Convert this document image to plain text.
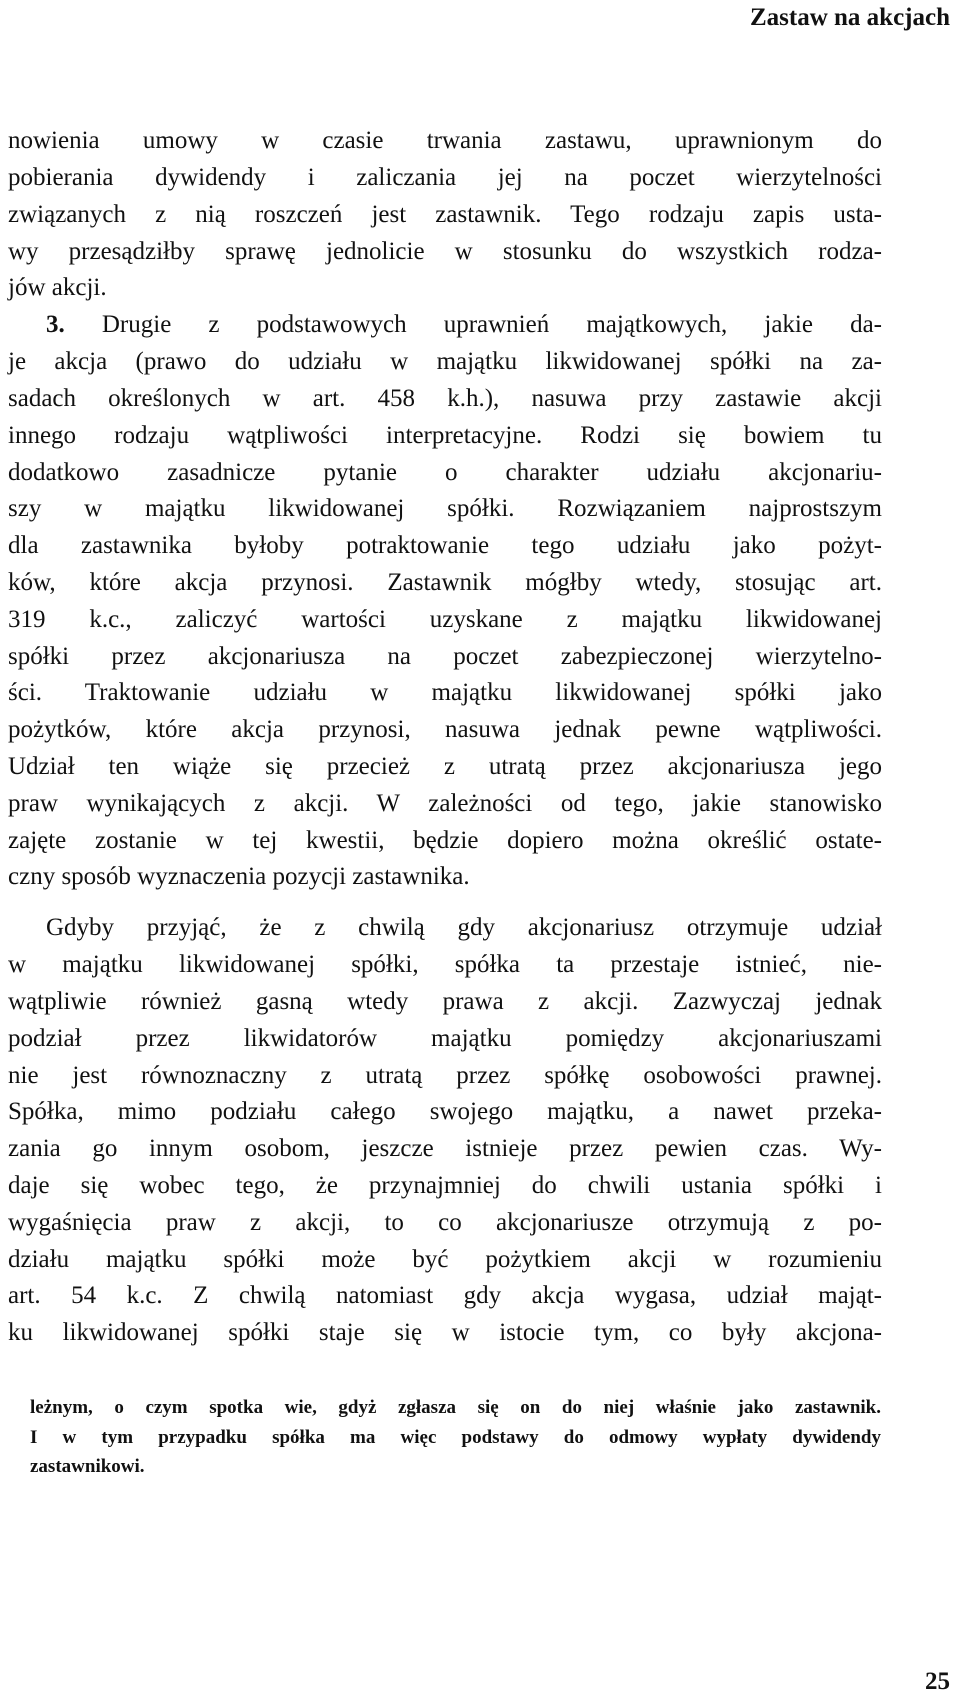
Zastaw na akcjach
nowienia umowy w czasie trwania zastawu, uprawnionym do
pobierania dywidendy i zaliczania jej na poczet wierzytelności
związanych z nią roszczeń jest zastawnik. Tego rodzaju zapis usta-
wy przesądziłby sprawę jednolicie w stosunku do wszystkich rodza-
jów akcji.
3. Drugie z podstawowych uprawnień majątkowych, jakie da-
je akcja (prawo do udziału w majątku likwidowanej spółki na za-
sadach określonych w art. 458 k.h.), nasuwa przy zastawie akcji
innego rodzaju wątpliwości interpretacyjne. Rodzi się bowiem tu
dodatkowo zasadnicze pytanie o charakter udziału akcjonariu-
szy w majątku likwidowanej spółki. Rozwiązaniem najprostszym
dla zastawnika byłoby potraktowanie tego udziału jako pożyt-
ków, które akcja przynosi. Zastawnik mógłby wtedy, stosując art.
319 k.c., zaliczyć wartości uzyskane z majątku likwidowanej
spółki przez akcjonariusza na poczet zabezpieczonej wierzytelno-
ści. Traktowanie udziału w majątku likwidowanej spółki jako
pożytków, które akcja przynosi, nasuwa jednak pewne wątpliwości.
Udział ten wiąże się przecież z utratą przez akcjonariusza jego
praw wynikających z akcji. W zależności od tego, jakie stanowisko
zajęte zostanie w tej kwestii, będzie dopiero można określić ostate-
czny sposób wyznaczenia pozycji zastawnika.
Gdyby przyjąć, że z chwilą gdy akcjonariusz otrzymuje udział
w majątku likwidowanej spółki, spółka ta przestaje istnieć, nie-
wątpliwie również gasną wtedy prawa z akcji. Zazwyczaj jednak
podział przez likwidatorów majątku pomiędzy akcjonariuszami
nie jest równoznaczny z utratą przez spółkę osobowości prawnej.
Spółka, mimo podziału całego swojego majątku, a nawet przeka-
zania go innym osobom, jeszcze istnieje przez pewien czas. Wy-
daje się wobec tego, że przynajmniej do chwili ustania spółki i
wygaśnięcia praw z akcji, to co akcjonariusze otrzymują z po-
działu majątku spółki może być pożytkiem akcji w rozumieniu
art. 54 k.c. Z chwilą natomiast gdy akcja wygasa, udział mająt-
ku likwidowanej spółki staje się w istocie tym, co były akcjona-
leżnym, o czym spotka wie, gdyż zgłasza się on do niej właśnie jako zastawnik.
I w tym przypadku spółka ma więc podstawy do odmowy wypłaty dywidendy
zastawnikowi.
25
